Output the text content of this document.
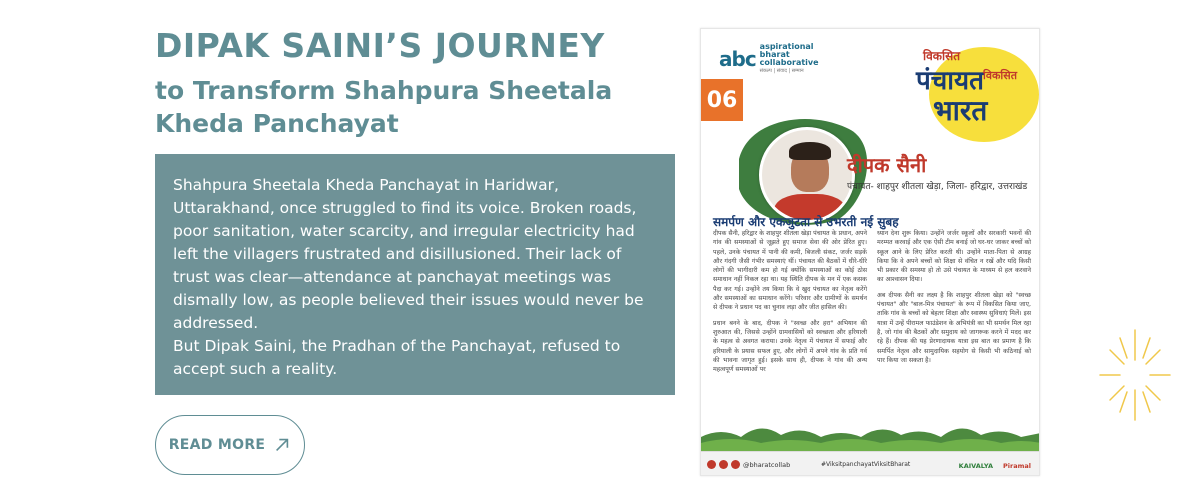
DIPAK SAINI’S JOURNEY
to Transform Shahpura Sheetala Kheda Panchayat

Shahpura Sheetala Kheda Panchayat in Haridwar, Uttarakhand, once struggled to find its voice. Broken roads, poor sanitation, water scarcity, and irregular electricity had left the villagers frustrated and disillusioned. Their lack of trust was clear—attendance at panchayat meetings was dismally low, as people believed their issues would never be addressed.

But Dipak Saini, the Pradhan of the Panchayat, refused to accept such a reality.

READ MORE
abc
aspirational
bharat
collaborative
संकल्प | संवाद | सम्मान
विकसित
पंचायत विकसित
भारत
06
दीपक सैनी
पंचायत- शाहपुर शीतला खेड़ा, जिला- हरिद्वार, उत्तराखंड
समर्पण और एकजुटता से उभरती नई सुबह

दीपक सैनी, हरिद्वार के शाहपुर शीतला खेड़ा पंचायत के प्रधान, अपने गांव की समस्याओं से जूझते हुए समाज सेवा की ओर प्रेरित हुए। पहले, उनके पंचायत में पानी की कमी, बिजली संकट, जर्जर सड़कें और गंदगी जैसी गंभीर समस्याएं थीं। पंचायत की बैठकों में धीरे-धीरे लोगों की भागीदारी कम हो गई क्योंकि समस्याओं का कोई ठोस समाधान नहीं निकल रहा था। यह स्थिति दीपक के मन में एक कसक पैदा कर गई। उन्होंने तय किया कि वे खुद पंचायत का नेतृत्व करेंगे और समस्याओं का समाधान करेंगे। परिवार और ग्रामीणों के समर्थन से दीपक ने प्रधान पद का चुनाव लड़ा और जीत हासिल की।

प्रधान बनने के बाद, दीपक ने "स्वच्छ और हरा" अभियान की शुरुआत की, जिससे उन्होंने ग्रामवासियों को स्वच्छता और हरियाली के महत्व से अवगत कराया। उनके नेतृत्व में पंचायत में सफाई और हरियाली के प्रयास सफल हुए, और लोगों में अपने गांव के प्रति गर्व की भावना जागृत हुई। इसके साथ ही, दीपक ने गांव की अन्य महत्वपूर्ण समस्याओं पर

ध्यान देना शुरू किया। उन्होंने जर्जर स्कूलों और सरकारी भवनों की मरम्मत करवाई और एक ऐसी टीम बनाई जो घर-घर जाकर बच्चों को स्कूल आने के लिए प्रेरित करती थी। उन्होंने माता-पिता से आग्रह किया कि वे अपने बच्चों को शिक्षा से वंचित न रखें और यदि किसी भी प्रकार की समस्या हो तो उसे पंचायत के माध्यम से हल करवाने का आश्वासन दिया।

अब दीपक सैनी का लक्ष्य है कि शाहपुर शीतला खेड़ा को "स्वच्छ पंचायत" और "बाल-मित्र पंचायत" के रूप में विकसित किया जाए, ताकि गांव के बच्चों को बेहतर शिक्षा और स्वास्थ्य सुविधाएं मिलें। इस यात्रा में उन्हें पीरामल फाउंडेशन के अभियंत्री का भी समर्थन मिल रहा है, जो गांव की बैठकों और समुदाय को जागरूक करने में मदद कर रहे हैं। दीपक की यह प्रेरणादायक यात्रा इस बात का प्रमाण है कि समर्पित नेतृत्व और सामुदायिक सहयोग से किसी भी कठिनाई को पार किया जा सकता है।

@bharatcollab	#ViksitpanchayatViksitBharat	KAIVALYA Piramal
